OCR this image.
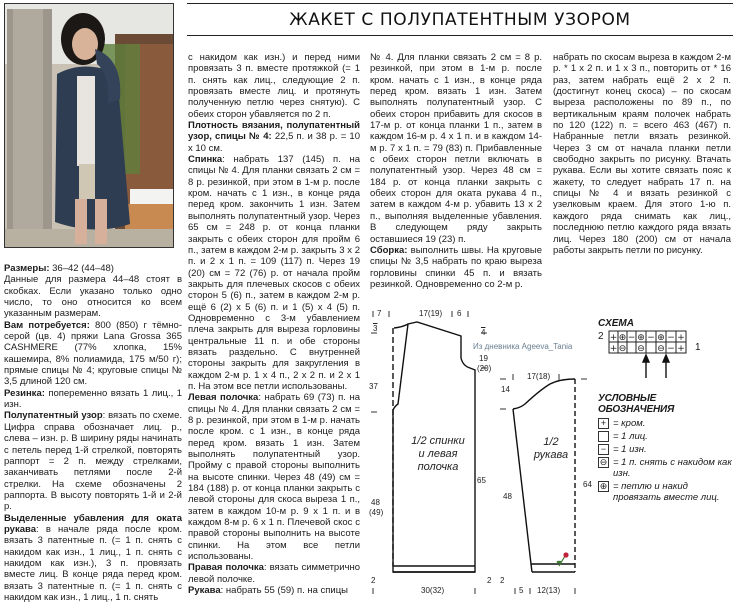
ЖАКЕТ С ПОЛУПАТЕНТНЫМ УЗОРОМ

Размеры: 36–42 (44–48)

Данные для размера 44–48 стоят в скобках. Если указано только одно число, то оно относится ко всем указанным размерам.

Вам потребуется: 800 (850) г тёмно-серой (цв. 4) пряжи Lana Grossa 365 CASHMERE (77% хлопка, 15% кашемира, 8% полиамида, 175 м/50 г); прямые спицы № 4; круговые спицы № 3,5 длиной 120 см.

Резинка: попеременно вязать 1 лиц., 1 изн.

Полупатентный узор: вязать по схеме. Цифра справа обозначает лиц. р., слева – изн. р. В ширину ряды начинать с петель перед 1-й стрелкой, повторять раппорт = 2 п. между стрелками, заканчивать петлями после 2-й стрелки. На схеме обозначены 2 раппорта. В высоту повторять 1-й и 2-й р.

Выделенные убавления для оката рукава: в начале ряда после кром. вязать 3 патентные п. (= 1 п. снять с накидом как изн., 1 лиц., 1 п. снять с накидом как изн.), 3 п. провязать вместе лиц. В конце ряда перед кром. вязать 3 патентные п. (= 1 п. снять с накидом как изн., 1 лиц., 1 п. снять

с накидом как изн.) и перед ними провязать 3 п. вместе протяжкой (= 1 п. снять как лиц., следующие 2 п. провязать вместе лиц. и протянуть полученную петлю через снятую). С обеих сторон убавляется по 2 п.

Плотность вязания, полупатентный узор, спицы № 4: 22,5 п. и 38 р. = 10 x 10 см.

Спинка: набрать 137 (145) п. на спицы № 4. Для планки связать 2 см = 8 р. резинкой, при этом в 1-м р. после кром. начать с 1 изн., в конце ряда перед кром. закончить 1 изн. Затем выполнять полупатентный узор. Через 65 см = 248 р. от конца планки закрыть с обеих сторон для пройм 6 п., затем в каждом 2-м р. закрыть 3 x 2 п. и 2 x 1 п. = 109 (117) п. Через 19 (20) см = 72 (76) р. от начала пройм закрыть для плечевых скосов с обеих сторон 5 (6) п., затем в каждом 2-м р. ещё 6 (2) x 5 (6) п. и 1 (5) x 4 (5) п. Одновременно с 3-м убавлением плеча закрыть для выреза горловины центральные 11 п. и обе стороны вязать раздельно. С внутренней стороны закрыть для закругления в каждом 2-м р. 1 x 4 п., 2 x 2 п. и 2 x 1 п. На этом все петли использованы.

Левая полочка: набрать 69 (73) п. на спицы № 4. Для планки связать 2 см = 8 р. резинкой, при этом в 1-м р. начать после кром. с 1 изн., в конце ряда перед кром. вязать 1 изн. Затем выполнять полупатентный узор. Пройму с правой стороны выполнить на высоте спинки. Через 48 (49) см = 184 (188) р. от конца планки закрыть с левой стороны для скоса выреза 1 п., затем в каждом 10-м р. 9 x 1 п. и в каждом 8-м р. 6 x 1 п. Плечевой скос с правой стороны выполнить на высоте спинки. На этом все петли использованы.

Правая полочка: вязать симметрично левой полочке.

Рукава: набрать 55 (59) п. на спицы

№ 4. Для планки связать 2 см = 8 р. резинкой, при этом в 1-м р. после кром. начать с 1 изн., в конце ряда перед кром. вязать 1 изн. Затем выполнять полупатентный узор. С обеих сторон прибавить для скосов в 17-м р. от конца планки 1 п., затем в каждом 16-м р. 4 x 1 п. и в каждом 14-м р. 7 x 1 п. = 79 (83) п. Прибавленные с обеих сторон петли включать в полупатентный узор. Через 48 см = 184 р. от конца планки закрыть с обеих сторон для оката рукава 4 п., затем в каждом 4-м р. убавить 13 x 2 п., выполняя выделенные убавления. В следующем ряду закрыть оставшиеся 19 (23) п.

Сборка: выполнить швы. На круговые спицы № 3,5 набрать по краю выреза горловины спинки 45 п. и вязать резинкой. Одновременно со 2-м р.

набрать по скосам выреза в каждом 2-м р. * 1 x 2 п. и 1 x 3 п., повторить от * 16 раз, затем набрать ещё 2 x 2 п. (достигнут конец скоса) – по скосам выреза расположены по 89 п., по вертикальным краям полочек набрать по 120 (122) п. = всего 463 (467) п. Набранные петли вязать резинкой. Через 3 см от начала планки петли свободно закрыть по рисунку. Втачать рукава. Если вы хотите связать пояс к жакету, то следует набрать 17 п. на спицы № 4 и вязать резинкой с узелковым краем. Для этого 1-ю п. каждого ряда снимать как лиц., последнюю петлю каждого ряда вязать лиц. Через 180 (200) см от начала работы закрыть петли по рисунку.

7	17(19) 6
3	4
Из дневника Ageeva_Tania
19
(20)
37
48
(49)
65
2	2
30(32)
1/2 спинки
и левая
полочка
17(18)
14
48
64
2
5 12(13)
1/2
рукава
СХЕМА
2
1
+ ⊕ − ⊕ − ⊕ − +
+ ⊖ ⊖ ⊖ − +
УСЛОВНЫЕ ОБОЗНАЧЕНИЯ
+ = кром.
= 1 лиц.
− = 1 изн.
⊖ = 1 п. снять с накидом как изн.
⊕ = петлю и накид провязать вместе лиц.
